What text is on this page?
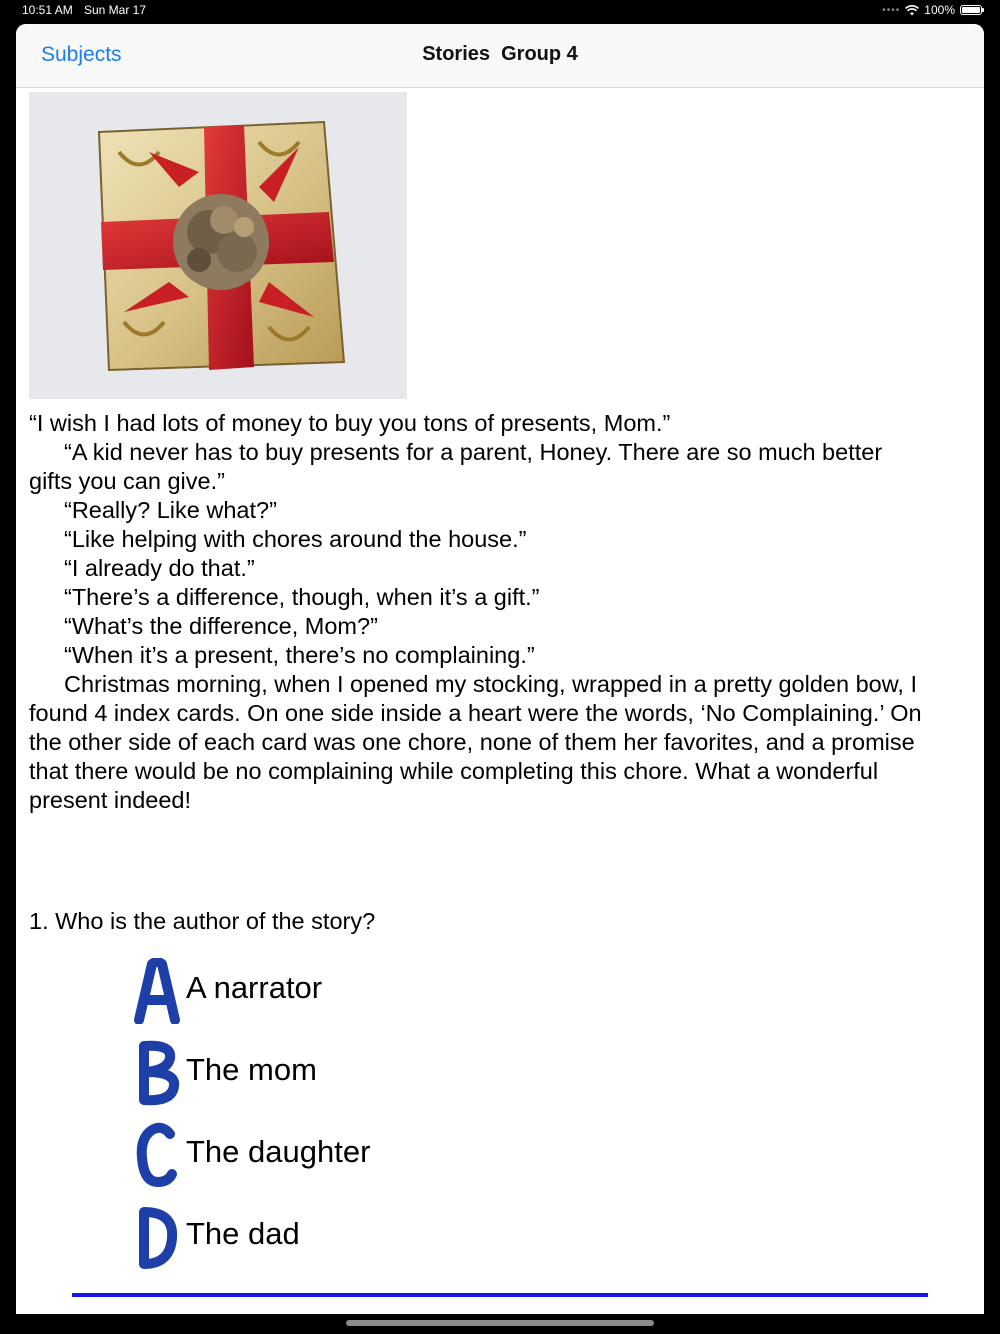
10:51 AM Sun Mar 17	•••• 100%
Subjects	Stories  Group 4

“I wish I had lots of money to buy you tons of presents, Mom.”

“A kid never has to buy presents for a parent, Honey. There are so much better gifts you can give.”

“Really? Like what?”

“Like helping with chores around the house.”

“I already do that.”

“There’s a difference, though, when it’s a gift.”

“What’s the difference, Mom?”

“When it’s a present, there’s no complaining.”

Christmas morning, when I opened my stocking, wrapped in a pretty golden bow, I found 4 index cards. On one side inside a heart were the words, ‘No Complaining.’ On the other side of each card was one chore, none of them her favorites, and a promise that there would be no complaining while completing this chore. What a wonderful present indeed!

1. Who is the author of the story?
A narrator
The mom
The daughter
The dad
